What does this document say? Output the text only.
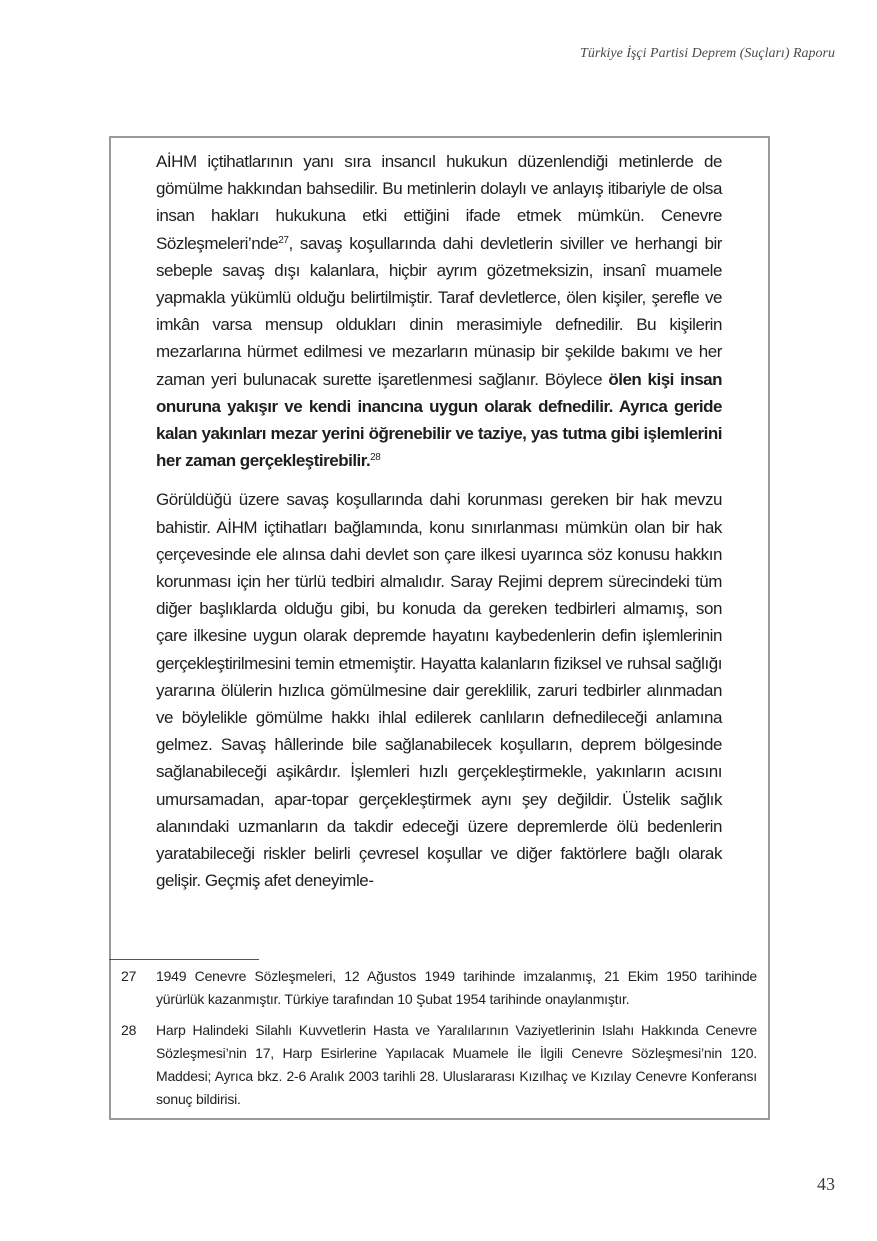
Türkiye İşçi Partisi Deprem (Suçları) Raporu

AİHM içtihatlarının yanı sıra insancıl hukukun düzenlendiği metinlerde de gömülme hakkından bahsedilir. Bu metinlerin dolaylı ve anlayış itibariyle de olsa insan hakları hukukuna etki ettiğini ifade etmek mümkün. Cenevre Sözleşmeleri’nde$^{27}$, savaş koşullarında dahi devletlerin siviller ve herhangi bir sebeple savaş dışı kalanlara, hiçbir ayrım gözetmeksizin, insanî muamele yapmakla yükümlü olduğu belirtilmiştir. Taraf devletlerce, ölen kişiler, şerefle ve imkân varsa mensup oldukları dinin merasimiyle defnedilir. Bu kişilerin mezarlarına hürmet edilmesi ve mezarların münasip bir şekilde bakımı ve her zaman yeri bulunacak surette işaretlenmesi sağlanır. Böylece ölen kişi insan onuruna yakışır ve kendi inancına uygun olarak defnedilir. Ayrıca geride kalan yakınları mezar yerini öğrenebilir ve taziye, yas tutma gibi işlemlerini her zaman gerçekleştirebilir.$^{28}$

Görüldüğü üzere savaş koşullarında dahi korunması gereken bir hak mevzu bahistir. AİHM içtihatları bağlamında, konu sınırlanması mümkün olan bir hak çerçevesinde ele alınsa dahi devlet son çare ilkesi uyarınca söz konusu hakkın korunması için her türlü tedbiri almalıdır. Saray Rejimi deprem sürecindeki tüm diğer başlıklarda olduğu gibi, bu konuda da gereken tedbirleri almamış, son çare ilkesine uygun olarak depremde hayatını kaybedenlerin defin işlemlerinin gerçekleştirilmesini temin etmemiştir. Hayatta kalanların fiziksel ve ruhsal sağlığı yararına ölülerin hızlıca gömülmesine dair gereklilik, zaruri tedbirler alınmadan ve böylelikle gömülme hakkı ihlal edilerek canlıların defnedileceği anlamına gelmez. Savaş hâllerinde bile sağlanabilecek koşulların, deprem bölgesinde sağlanabileceği aşikârdır. İşlemleri hızlı gerçekleştirmekle, yakınların acısını umursamadan, apar-topar gerçekleştirmek aynı şey değildir. Üstelik sağlık alanındaki uzmanların da takdir edeceği üzere depremlerde ölü bedenlerin yaratabileceği riskler belirli çevresel koşullar ve diğer faktörlere bağlı olarak gelişir. Geçmiş afet deneyimle-

27	1949 Cenevre Sözleşmeleri, 12 Ağustos 1949 tarihinde imzalanmış, 21 Ekim 1950 tarihinde yürürlük kazanmıştır. Türkiye tarafından 10 Şubat 1954 tarihinde onaylanmıştır.
28	Harp Halindeki Silahlı Kuvvetlerin Hasta ve Yaralılarının Vaziyetlerinin Islahı Hakkında Cenevre Sözleşmesi’nin 17, Harp Esirlerine Yapılacak Muamele İle İlgili Cenevre Sözleşmesi’nin 120. Maddesi; Ayrıca bkz. 2-6 Aralık 2003 tarihli 28. Uluslararası Kızılhaç ve Kızılay Cenevre Konferansı sonuç bildirisi.
43
